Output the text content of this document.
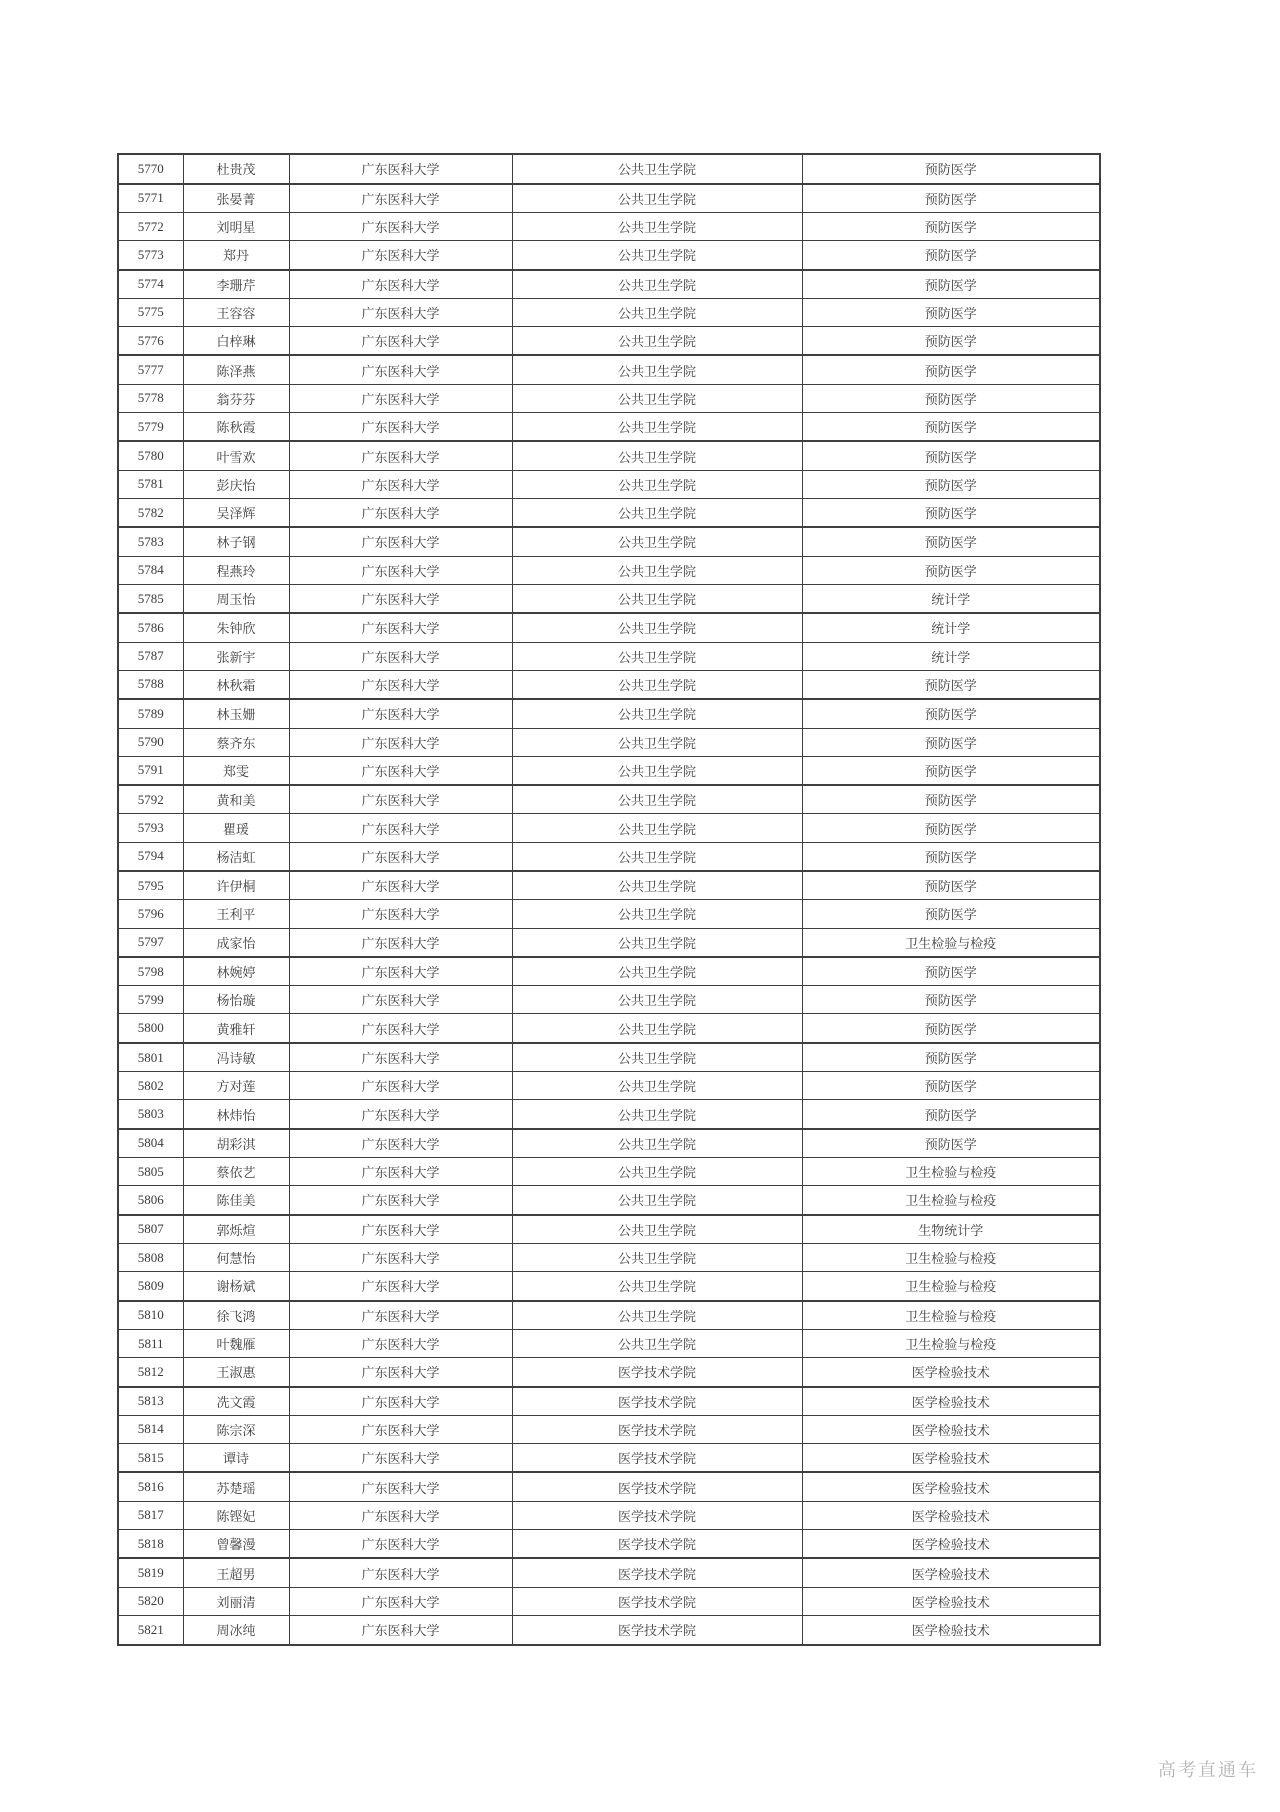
5770	杜贵茂	广东医科大学	公共卫生学院	预防医学
5771	张晏菁	广东医科大学	公共卫生学院	预防医学
5772	刘明星	广东医科大学	公共卫生学院	预防医学
5773	郑丹	广东医科大学	公共卫生学院	预防医学
5774	李珊芹	广东医科大学	公共卫生学院	预防医学
5775	王容容	广东医科大学	公共卫生学院	预防医学
5776	白梓琳	广东医科大学	公共卫生学院	预防医学
5777	陈泽燕	广东医科大学	公共卫生学院	预防医学
5778	翁芬芬	广东医科大学	公共卫生学院	预防医学
5779	陈秋霞	广东医科大学	公共卫生学院	预防医学
5780	叶雪欢	广东医科大学	公共卫生学院	预防医学
5781	彭庆怡	广东医科大学	公共卫生学院	预防医学
5782	吴泽辉	广东医科大学	公共卫生学院	预防医学
5783	林子钢	广东医科大学	公共卫生学院	预防医学
5784	程燕玲	广东医科大学	公共卫生学院	预防医学
5785	周玉怡	广东医科大学	公共卫生学院	统计学
5786	朱钟欣	广东医科大学	公共卫生学院	统计学
5787	张新宇	广东医科大学	公共卫生学院	统计学
5788	林秋霜	广东医科大学	公共卫生学院	预防医学
5789	林玉姗	广东医科大学	公共卫生学院	预防医学
5790	蔡齐东	广东医科大学	公共卫生学院	预防医学
5791	郑雯	广东医科大学	公共卫生学院	预防医学
5792	黄和美	广东医科大学	公共卫生学院	预防医学
5793	瞿瑗	广东医科大学	公共卫生学院	预防医学
5794	杨洁虹	广东医科大学	公共卫生学院	预防医学
5795	许伊桐	广东医科大学	公共卫生学院	预防医学
5796	王利平	广东医科大学	公共卫生学院	预防医学
5797	成家怡	广东医科大学	公共卫生学院	卫生检验与检疫
5798	林婉婷	广东医科大学	公共卫生学院	预防医学
5799	杨怡璇	广东医科大学	公共卫生学院	预防医学
5800	黄雅轩	广东医科大学	公共卫生学院	预防医学
5801	冯诗敏	广东医科大学	公共卫生学院	预防医学
5802	方对莲	广东医科大学	公共卫生学院	预防医学
5803	林炜怡	广东医科大学	公共卫生学院	预防医学
5804	胡彩淇	广东医科大学	公共卫生学院	预防医学
5805	蔡依艺	广东医科大学	公共卫生学院	卫生检验与检疫
5806	陈佳美	广东医科大学	公共卫生学院	卫生检验与检疫
5807	郭烁煊	广东医科大学	公共卫生学院	生物统计学
5808	何慧怡	广东医科大学	公共卫生学院	卫生检验与检疫
5809	谢杨斌	广东医科大学	公共卫生学院	卫生检验与检疫
5810	徐飞鸿	广东医科大学	公共卫生学院	卫生检验与检疫
5811	叶魏雁	广东医科大学	公共卫生学院	卫生检验与检疫
5812	王淑惠	广东医科大学	医学技术学院	医学检验技术
5813	冼文霞	广东医科大学	医学技术学院	医学检验技术
5814	陈宗深	广东医科大学	医学技术学院	医学检验技术
5815	谭诗	广东医科大学	医学技术学院	医学检验技术
5816	苏楚瑶	广东医科大学	医学技术学院	医学检验技术
5817	陈铿妃	广东医科大学	医学技术学院	医学检验技术
5818	曾馨漫	广东医科大学	医学技术学院	医学检验技术
5819	王超男	广东医科大学	医学技术学院	医学检验技术
5820	刘丽清	广东医科大学	医学技术学院	医学检验技术
5821	周冰纯	广东医科大学	医学技术学院	医学检验技术
高考直通车
